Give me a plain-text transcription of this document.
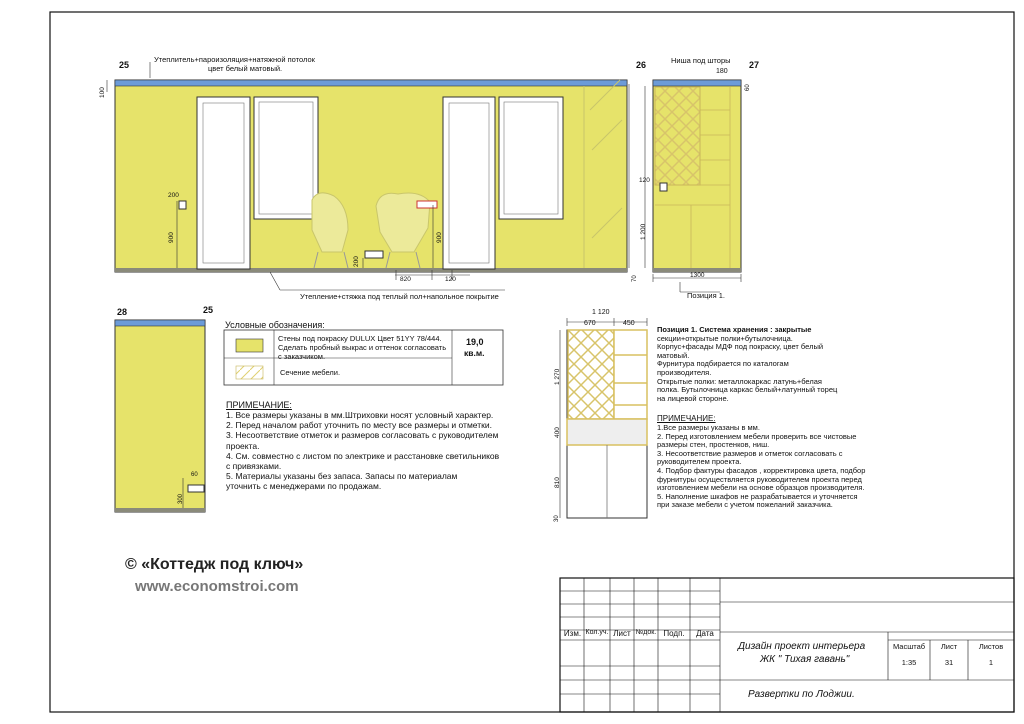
25
Утеплитель+пароизоляция+натяжной потолок
цвет белый матовый.
100
200
900
200
900
820	120
Утепление+стяжка под теплый пол+напольное покрытие
26	27
Ниша под шторы
180
60
120
1 200
70	1300
Позиция 1.
28	25
60
300
Условные обозначения:
Стены под покраску DULUX Цвет 51YY 78/444. Сделать пробный выкрас и оттенок согласовать с заказчиком.
19,0
кв.м.
Сечение мебели.
ПРИМЕЧАНИЕ:
1. Все размеры указаны в мм.Штриховки носят условный характер.
2. Перед началом работ уточнить по месту все размеры и отметки.
3. Несоответствие отметок и размеров согласовать с руководителем
проекта.
4. См. совместно с листом по электрике и расстановке светильников
с привязками.
5. Материалы указаны без запаса. Запасы по материалам
уточнить с менеджерами по продажам.
1 120
670	450
1 270
400
810
30
Позиция 1. Система хранения : закрытые
секции+открытые полки+бутылочница.
Корпус+фасады МДФ под покраску, цвет белый
матовый.
Фурнитура подбирается по каталогам
производителя.
Открытые полки: металлокаркас латунь+белая
полка. Бутылочница каркас белый+латунный торец
на лицевой стороне.
ПРИМЕЧАНИЕ:
1.Все размеры указаны в мм.
2. Перед изготовлением мебели проверить все чистовые
размеры стен, простенков, ниш.
3. Несоответствие размеров и отметок согласовать с
руководителем проекта.
4. Подбор фактуры фасадов , корректировка цвета, подбор
фурнитуры осуществляется руководителем проекта перед
изготовлением мебели на основе образцов производителя.
5. Наполнение шкафов не разрабатывается и уточняется
при заказе мебели с учетом пожеланий заказчика.
© «Коттедж под ключ»
www.economstroi.com
Изм. Кол.уч. Лист №док. Подп.	Дата
Дизайн проект интерьера
ЖК " Тихая гавань"
Развертки по Лоджии.
Масштаб	Лист	Листов
1:35	31	1
